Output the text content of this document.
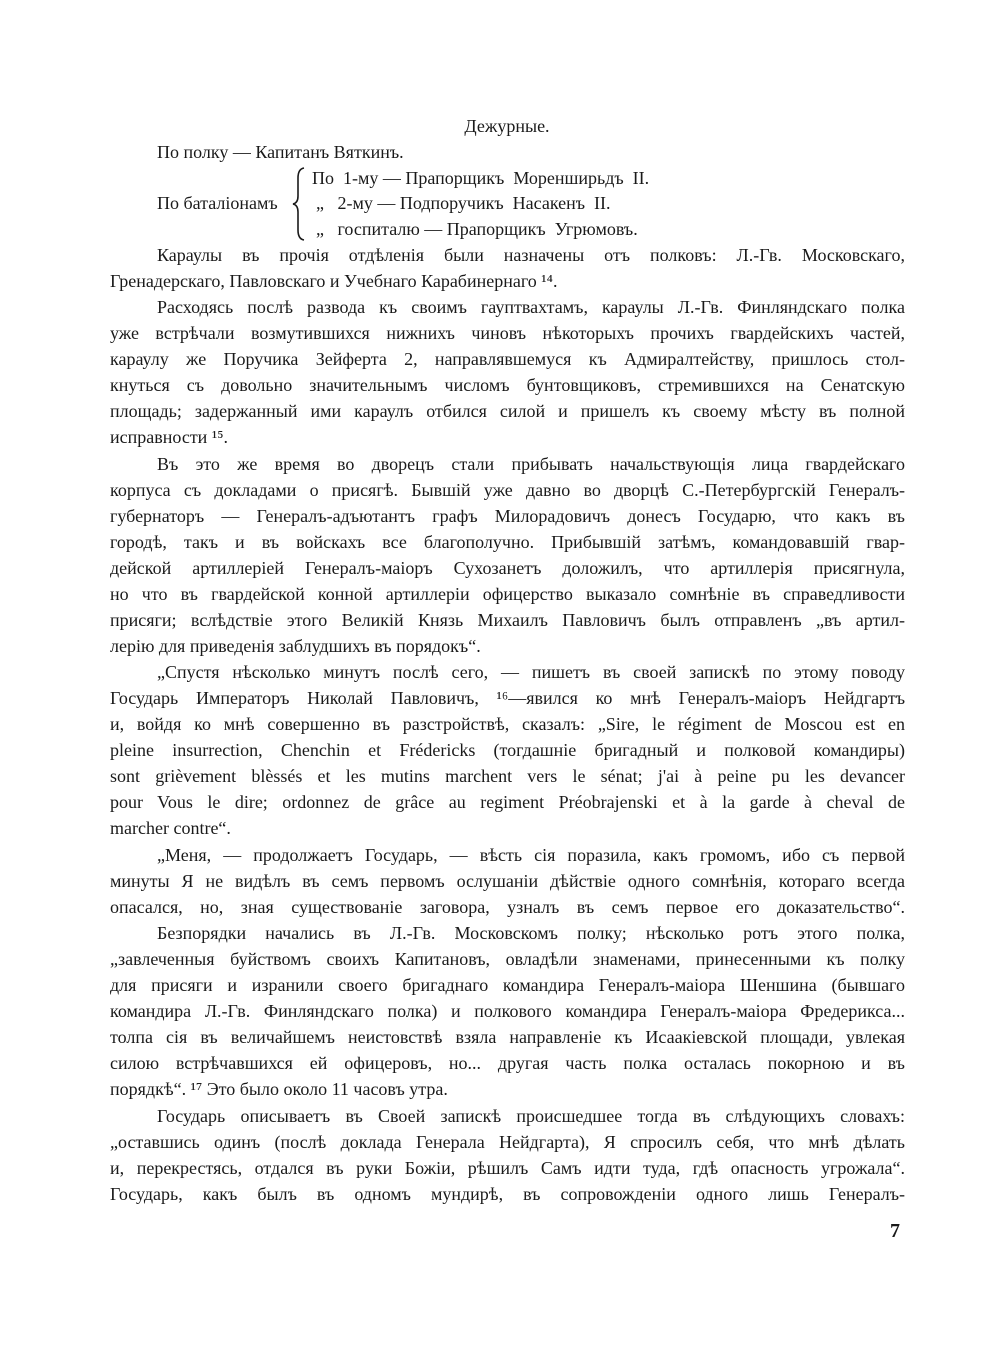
Дежурные.
По полку — Капитанъ Вяткинъ.
По баталіонамъ
По  1-му — Прапорщикъ  Моренширьдъ  II.
„   2-му — Подпоручикъ  Насакенъ  II.
„   госпиталю — Прапорщикъ  Угрюмовъ.
Караулы въ прочія отдѣленія были назначены отъ полковъ: Л.-Гв. Московскаго,
Гренадерскаго, Павловскаго и Учебнаго Карабинернаго ¹⁴.
Расходясь послѣ развода къ своимъ гауптвахтамъ, караулы Л.-Гв. Финляндскаго полка
уже встрѣчали возмутившихся нижнихъ чиновъ нѣкоторыхъ прочихъ гвардейскихъ частей,
караулу же Поручика Зейферта 2, направлявшемуся къ Адмиралтейству, пришлось стол-
кнуться съ довольно значительнымъ числомъ бунтовщиковъ, стремившихся на Сенатскую
площадь; задержанный ими караулъ отбился силой и пришелъ къ своему мѣсту въ полной
исправности ¹⁵.
Въ это же время во дворецъ стали прибывать начальствующія лица гвардейскаго
корпуса съ докладами о присягѣ. Бывшій уже давно во дворцѣ С.-Петербургскій Генералъ-
губернаторъ — Генералъ-адъютантъ графъ Милорадовичъ донесъ Государю, что какъ въ
городѣ, такъ и въ войскахъ все благополучно. Прибывшій затѣмъ, командовавшій гвар-
дейской артиллеріей Генералъ-маіоръ Сухозанетъ доложилъ, что артиллерія присягнула,
но что въ гвардейской конной артиллеріи офицерство выказало сомнѣніе въ справедливости
присяги; вслѣдствіе этого Великій Князь Михаилъ Павловичъ былъ отправленъ „въ артил-
лерію для приведенія заблудшихъ въ порядокъ“.
„Спустя нѣсколько минутъ послѣ сего, — пишетъ въ своей запискѣ по этому поводу
Государь Императоръ Николай Павловичъ, ¹⁶—явился ко мнѣ Генералъ-маіоръ Нейдгартъ
и, войдя ко мнѣ совершенно въ разстройствѣ, сказалъ: „Sire, le régiment de Moscou est en
pleine insurrection, Chenchin et Frédericks (тогдашніе бригадный и полковой командиры)
sont grièvement blèssés et les mutins marchent vers le sénat; j'ai à peine pu les devancer
pour Vous le dire; ordonnez de grâce au regiment Préobrajenski et à la garde à cheval de
marcher contre“.
„Меня, — продолжаетъ Государь, — вѣсть сія поразила, какъ громомъ, ибо съ первой
минуты Я не видѣлъ въ семъ первомъ ослушаніи дѣйствіе одного сомнѣнія, котораго всегда
опасался, но, зная существованіе заговора, узналъ въ семъ первое его доказательство“.
Безпорядки начались въ Л.-Гв. Московскомъ полку; нѣсколько ротъ этого полка,
„завлеченныя буйствомъ своихъ Капитановъ, овладѣли знаменами, принесенными къ полку
для присяги и изранили своего бригаднаго командира Генералъ-маіора Шеншина (бывшаго
командира Л.-Гв. Финляндскаго полка) и полкового командира Генералъ-маіора Фредерикса...
толпа сія въ величайшемъ неистовствѣ взяла направленіе къ Исаакіевской площади, увлекая
силою встрѣчавшихся ей офицеровъ, но... другая часть полка осталась покорною и въ
порядкѣ“. ¹⁷ Это было около 11 часовъ утра.
Государь описываетъ въ Своей запискѣ происшедшее тогда въ слѣдующихъ словахъ:
„оставшись одинъ (послѣ доклада Генерала Нейдгарта), Я спросилъ себя, что мнѣ дѣлать
и, перекрестясь, отдался въ руки Божіи, рѣшилъ Самъ идти туда, гдѣ опасность угрожала“.
Государь, какъ былъ въ одномъ мундирѣ, въ сопровожденіи одного лишь Генералъ-
7
